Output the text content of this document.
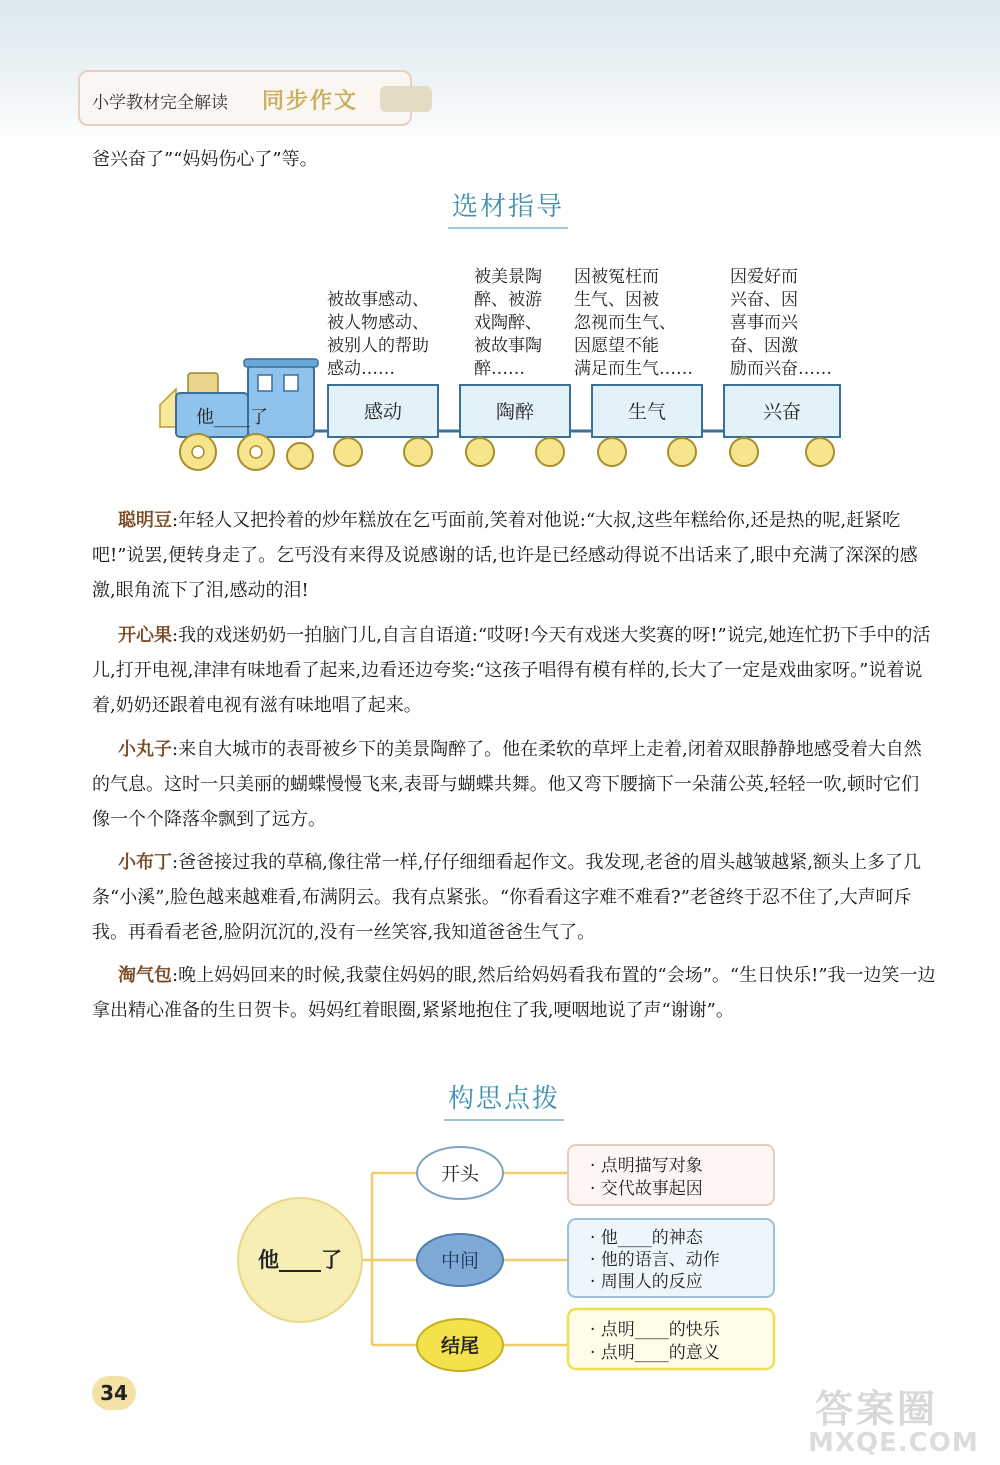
小学教材完全解读 同步作文
爸兴奋了”“妈妈伤心了”等。
选材指导
被故事感动、
被人物感动、
被别人的帮助
感动……
被美景陶
醉、被游
戏陶醉、
被故事陶
醉……
因被冤枉而
生气、因被
忽视而生气、
因愿望不能
满足而生气……
因爱好而
兴奋、因
喜事而兴
奋、因激
励而兴奋……
他____了	感动	陶醉	生气	兴奋

聪明豆:年轻人又把拎着的炒年糕放在乞丐面前,笑着对他说:“大叔,这些年糕给你,还是热的呢,赶紧吃吧!”说罢,便转身走了。乞丐没有来得及说感谢的话,也许是已经感动得说不出话来了,眼中充满了深深的感激,眼角流下了泪,感动的泪!

开心果:我的戏迷奶奶一拍脑门儿,自言自语道:“哎呀!今天有戏迷大奖赛的呀!”说完,她连忙扔下手中的活儿,打开电视,津津有味地看了起来,边看还边夸奖:“这孩子唱得有模有样的,长大了一定是戏曲家呀。”说着说着,奶奶还跟着电视有滋有味地唱了起来。

小丸子:来自大城市的表哥被乡下的美景陶醉了。他在柔软的草坪上走着,闭着双眼静静地感受着大自然的气息。这时一只美丽的蝴蝶慢慢飞来,表哥与蝴蝶共舞。他又弯下腰摘下一朵蒲公英,轻轻一吹,顿时它们像一个个降落伞飘到了远方。

小布丁:爸爸接过我的草稿,像往常一样,仔仔细细看起作文。我发现,老爸的眉头越皱越紧,额头上多了几条“小溪”,脸色越来越难看,布满阴云。我有点紧张。“你看看这字难不难看?”老爸终于忍不住了,大声呵斥我。再看看老爸,脸阴沉沉的,没有一丝笑容,我知道爸爸生气了。

淘气包:晚上妈妈回来的时候,我蒙住妈妈的眼,然后给妈妈看我布置的“会场”。“生日快乐!”我一边笑一边拿出精心准备的生日贺卡。妈妈红着眼圈,紧紧地抱住了我,哽咽地说了声“谢谢”。

构思点拨
他____了
开头
中间
结尾
· 点明描写对象
· 交代故事起因
· 他____的神态
· 他的语言、动作
· 周围人的反应
· 点明____的快乐
· 点明____的意义
34	答案圈
MXQE.COM
